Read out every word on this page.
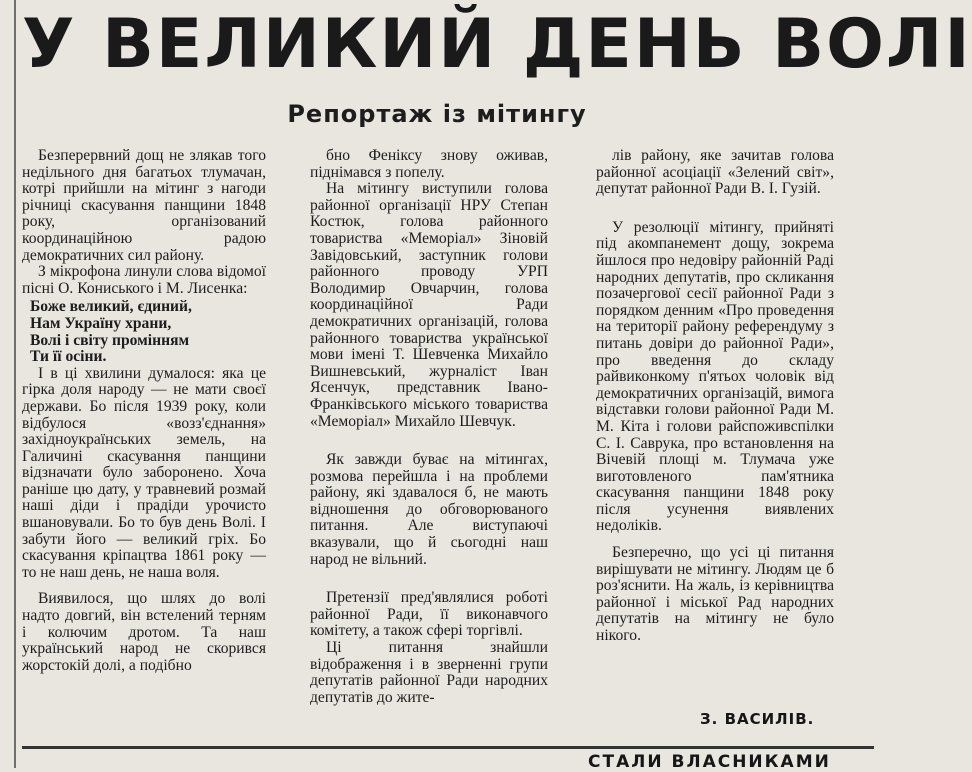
У ВЕЛИКИЙ ДЕНЬ ВОЛІ
Репортаж із мітингу

Безперервний дощ не злякав того недільного дня багатьох тлумачан, котрі прийшли на мітинг з нагоди річниці скасування панщини 1848 року, організований координаційною радою демократичних сил району.

З мікрофона линули слова відомої пісні О. Кониського і М. Лисенка:

Боже великий, єдиний,
Нам Україну храни,
Волі і світу промінням
Ти її осіни.

І в ці хвилини думалося: яка це гірка доля народу — не мати своєї держави. Бо після 1939 року, коли відбулося «возз'єднання» західноукраїнських земель, на Галичині скасування панщини відзначати було заборонено. Хоча раніше цю дату, у травневий розмай наші діди і прадіди урочисто вшановували. Бо то був день Волі. І забути його — великий гріх. Бо скасування кріпацтва 1861 року — то не наш день, не наша воля.

Виявилося, що шлях до волі надто довгий, він встелений терням і колючим дротом. Та наш український народ не скорився жорстокій долі, а подібно

бно Феніксу знову оживав, піднімався з попелу.

На мітингу виступили голова районної організації НРУ Степан Костюк, голова районного товариства «Меморіал» Зіновій Завідовський, заступник голови районного проводу УРП Володимир Овчарчин, голова координаційної Ради демократичних організацій, голова районного товариства української мови імені Т. Шевченка Михайло Вишневський, журналіст Іван Ясенчук, представник Івано-Франківського міського товариства «Меморіал» Михайло Шевчук.

Як завжди буває на мітингах, розмова перейшла і на проблеми району, які здавалося б, не мають відношення до обговорюваного питання. Але виступаючі вказували, що й сьогодні наш народ не вільний.

Претензії пред'являлися роботі районної Ради, її виконавчого комітету, а також сфері торгівлі.

Ці питання знайшли відображення і в зверненні групи депутатів районної Ради народних депутатів до жите-

лів району, яке зачитав голова районної асоціації «Зелений світ», депутат районної Ради В. І. Гузій.

У резолюції мітингу, прийняті під акомпанемент дощу, зокрема йшлося про недовіру районній Раді народних депутатів, про скликання позачергової сесії районної Ради з порядком денним «Про проведення на території району референдуму з питань довіри до районної Ради», про введення до складу райвиконкому п'ятьох чоловік від демократичних організацій, вимога відставки голови районної Ради М. М. Кіта і голови райспоживспілки С. І. Саврука, про встановлення на Вічевій площі м. Тлумача уже виготовленого пам'ятника скасування панщини 1848 року після усунення виявлених недоліків.

Безперечно, що усі ці питання вирішувати не мітингу. Людям це б роз'яснити. На жаль, із керівництва районної і міської Рад народних депутатів на мітингу не було нікого.

З. ВАСИЛІВ.
СТАЛИ ВЛАСНИКАМИ
